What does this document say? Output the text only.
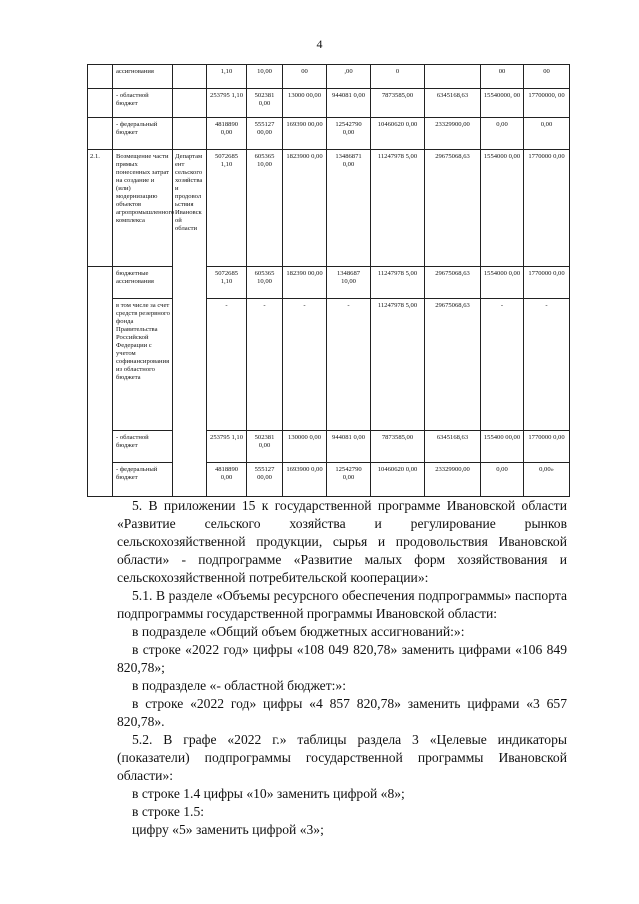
4
	ассигнования		1,10	10,00	00	,00	0		00	00
	- областной бюджет		253795 1,10	502381 0,00	13000 00,00	944081 0,00	7873585,00	6345168,63	15540000, 00	17700000, 00
	- федеральный бюджет		4818890 0,00	555127 00,00	169390 00,00	12542790 0,00	10460620 0,00	23329900,00	0,00	0,00
2.1.	Возмещение части прямых понесенных затрат на создание и (или) модернизацию объектов агропромышленного комплекса	Департамент сельского хозяйства и продовольствия Ивановской области	5072685 1,10	605365 10,00	1823900 0,00	13486871 0,00	11247978 5,00	29675068,63	1554000 0,00	1770000 0,00
	бюджетные ассигнования		5072685 1,10	605365 10,00	182390 00,00	1348687 10,00	11247978 5,00	29675068,63	1554000 0,00	1770000 0,00
	в том числе за счет средств резервного фонда Правительства Российской Федерации с учетом софинансирования из областного бюджета		-	-	-	-	11247978 5,00	29675068,63	-	-
	- областной бюджет		253795 1,10	502381 0,00	130000 0,00	944081 0,00	7873585,00	6345168,63	155400 00,00	1770000 0,00
	- федеральный бюджет		4818890 0,00	555127 00,00	1693900 0,00	12542790 0,00	10460620 0,00	23329900,00	0,00	0,00»

5. В приложении 15 к государственной программе Ивановской области «Развитие сельского хозяйства и регулирование рынков сельскохозяйственной продукции, сырья и продовольствия Ивановской области» - подпрограмме «Развитие малых форм хозяйствования и сельскохозяйственной потребительской кооперации»:

5.1. В разделе «Объемы ресурсного обеспечения подпрограммы» паспорта подпрограммы государственной программы Ивановской области:

в подразделе «Общий объем бюджетных ассигнований:»:

в строке «2022 год» цифры «108 049 820,78» заменить цифрами «106 849 820,78»;

в подразделе «- областной бюджет:»:

в строке «2022 год» цифры «4 857 820,78» заменить цифрами «3 657 820,78».

5.2. В графе «2022 г.» таблицы раздела 3 «Целевые индикаторы (показатели) подпрограммы государственной программы Ивановской области»:

в строке 1.4 цифры «10» заменить цифрой «8»;

в строке 1.5:

цифру «5» заменить цифрой «3»;
